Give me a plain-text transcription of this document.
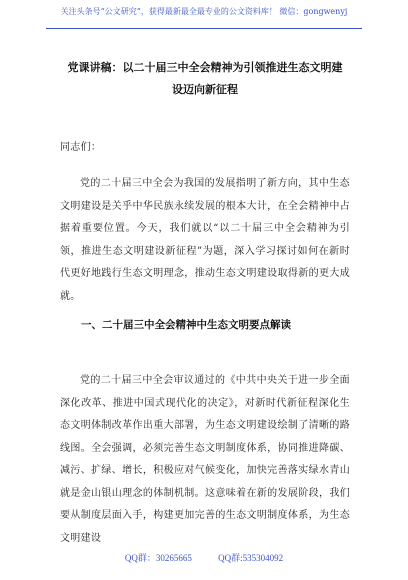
关注头条号“公文研究”，获得最新最全最专业的公文资料库！ 微信：gongwenyj
党课讲稿：以二十届三中全会精神为引领推进生态文明建
设迈向新征程
同志们：
党的二十届三中全会为我国的发展指明了新方向，其中生态文明建设是关乎中华民族永续发展的根本大计，在全会精神中占据着重要位置。今天，我们就以“以二十届三中全会精神为引领，推进生态文明建设新征程”为题，深入学习探讨如何在新时代更好地践行生态文明理念，推动生态文明建设取得新的更大成就。
一、二十届三中全会精神中生态文明要点解读
党的二十届三中全会审议通过的《中共中央关于进一步全面深化改革、推进中国式现代化的决定》，对新时代新征程深化生态文明体制改革作出重大部署，为生态文明建设绘制了清晰的路线图。全会强调，必须完善生态文明制度体系，协同推进降碳、减污、扩绿、增长，积极应对气候变化，加快完善落实绿水青山就是金山银山理念的体制机制。这意味着在新的发展阶段，我们要从制度层面入手，构建更加完善的生态文明制度体系，为生态文明建设
QQ群：30265665	QQ群:535304092
